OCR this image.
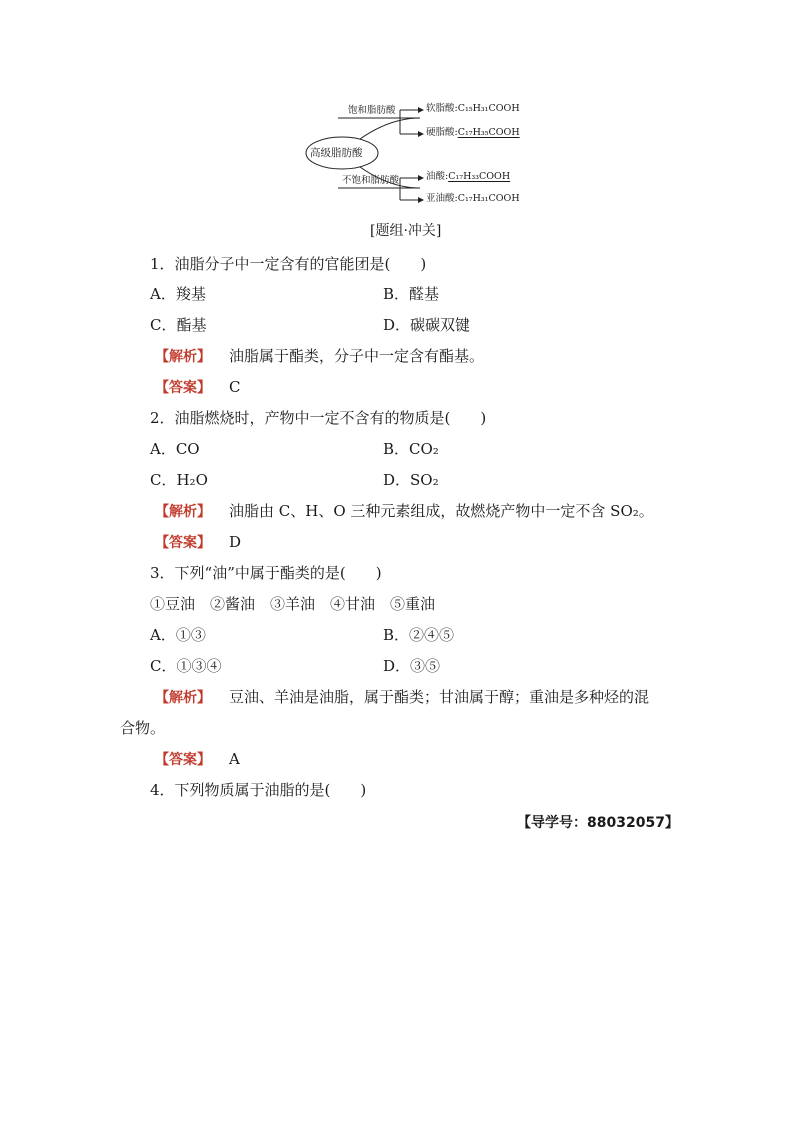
高级脂肪酸
饱和脂肪酸
不饱和脂肪酸
软脂酸:C₁₅H₃₁COOH
硬脂酸:C₁₇H₃₅COOH
油酸:C₁₇H₃₃COOH
亚油酸:C₁₇H₃₁COOH
[题组·冲关]
1．油脂分子中一定含有的官能团是(　　)
A．羧基	B．醛基
C．酯基	D．碳碳双键
【解析】 油脂属于酯类，分子中一定含有酯基。
【答案】 C
2．油脂燃烧时，产物中一定不含有的物质是(　　)
A．CO	B．CO₂
C．H₂O	D．SO₂
【解析】 油脂由 C、H、O 三种元素组成，故燃烧产物中一定不含 SO₂。
【答案】 D
3．下列“油”中属于酯类的是(　　)
①豆油　②酱油　③羊油　④甘油　⑤重油
A．①③	B．②④⑤
C．①③④	D．③⑤
【解析】 豆油、羊油是油脂，属于酯类；甘油属于醇；重油是多种烃的混
合物。
【答案】 A
4．下列物质属于油脂的是(　　)
【导学号：88032057】
